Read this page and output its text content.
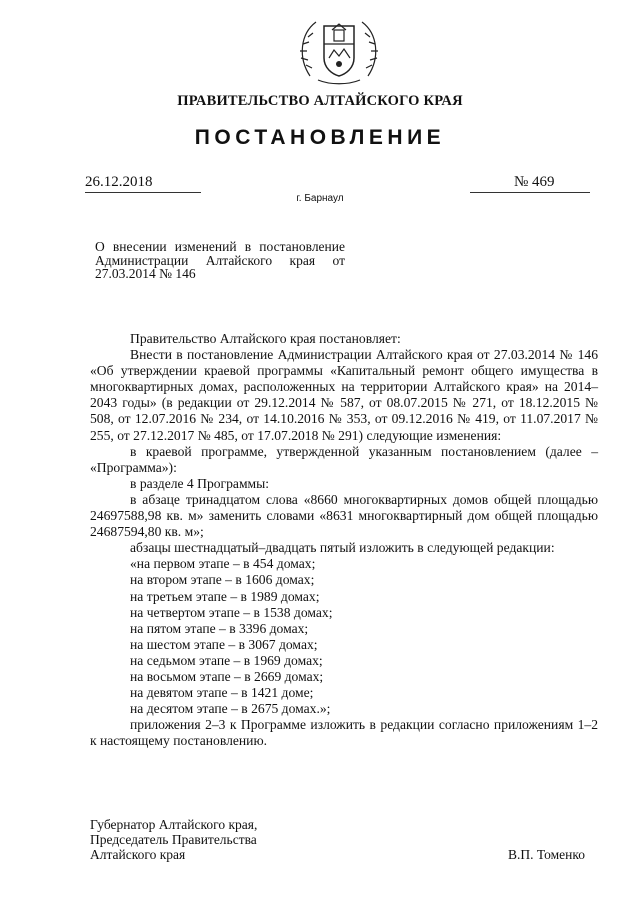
ПРАВИТЕЛЬСТВО АЛТАЙСКОГО КРАЯ
ПОСТАНОВЛЕНИЕ
26.12.2018	№ 469
г. Барнаул
О внесении изменений в постановление Администрации Алтайского края от 27.03.2014 № 146

Правительство Алтайского края постановляет:

Внести в постановление Администрации Алтайского края от 27.03.2014 № 146 «Об утверждении краевой программы «Капитальный ремонт общего имущества в многоквартирных домах, расположенных на территории Алтайского края» на 2014–2043 годы» (в редакции от 29.12.2014 № 587, от 08.07.2015 № 271, от 18.12.2015 № 508, от 12.07.2016 № 234, от 14.10.2016 № 353, от 09.12.2016 № 419, от 11.07.2017 № 255, от 27.12.2017 № 485, от 17.07.2018 № 291) следующие изменения:

в краевой программе, утвержденной указанным постановлением (далее – «Программа»):

в разделе 4 Программы:

в абзаце тринадцатом слова «8660 многоквартирных домов общей площадью 24697588,98 кв. м» заменить словами «8631 многоквартирный дом общей площадью 24687594,80 кв. м»;

абзацы шестнадцатый–двадцать пятый изложить в следующей редакции:

«на первом этапе – в 454 домах;

на втором этапе – в 1606 домах;

на третьем этапе – в 1989 домах;

на четвертом этапе – в 1538 домах;

на пятом этапе – в 3396 домах;

на шестом этапе – в 3067 домах;

на седьмом этапе – в 1969 домах;

на восьмом этапе – в 2669 домах;

на девятом этапе – в 1421 доме;

на десятом этапе – в 2675 домах.»;

приложения 2–3 к Программе изложить в редакции согласно приложениям 1–2 к настоящему постановлению.

Губернатор Алтайского края,
Председатель Правительства
Алтайского края	В.П. Томенко
